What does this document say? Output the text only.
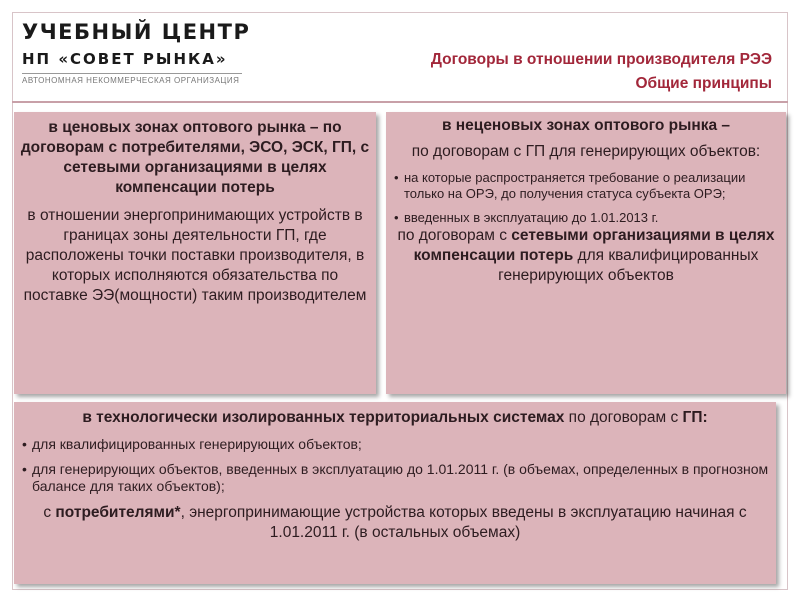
УЧЕБНЫЙ ЦЕНТР
НП «СОВЕТ РЫНКА»
АВТОНОМНАЯ НЕКОММЕРЧЕСКАЯ ОРГАНИЗАЦИЯ
Договоры в отношении производителя РЭЭ
Общие принципы
в ценовых зонах оптового рынка – по договорам с потребителями, ЭСО, ЭСК, ГП, с сетевыми организациями в целях компенсации потерь
в отношении энергопринимающих устройств в границах зоны деятельности ГП, где расположены точки поставки производителя, в которых исполняются обязательства по поставке ЭЭ(мощности) таким производителем
в неценовых зонах оптового рынка –
по договорам с ГП для генерирующих объектов:
• на которые распространяется требование о реализации только на ОРЭ, до получения статуса субъекта ОРЭ;
• введенных в эксплуатацию до 1.01.2013 г.
по договорам с сетевыми организациями в целях компенсации потерь для квалифицированных генерирующих объектов
в технологически изолированных территориальных системах по договорам с ГП:
• для квалифицированных генерирующих объектов;
• для генерирующих объектов, введенных в эксплуатацию до 1.01.2011 г. (в объемах, определенных в прогнозном балансе для таких объектов);
с потребителями*, энергопринимающие устройства которых введены в эксплуатацию начиная с 1.01.2011 г. (в остальных объемах)
